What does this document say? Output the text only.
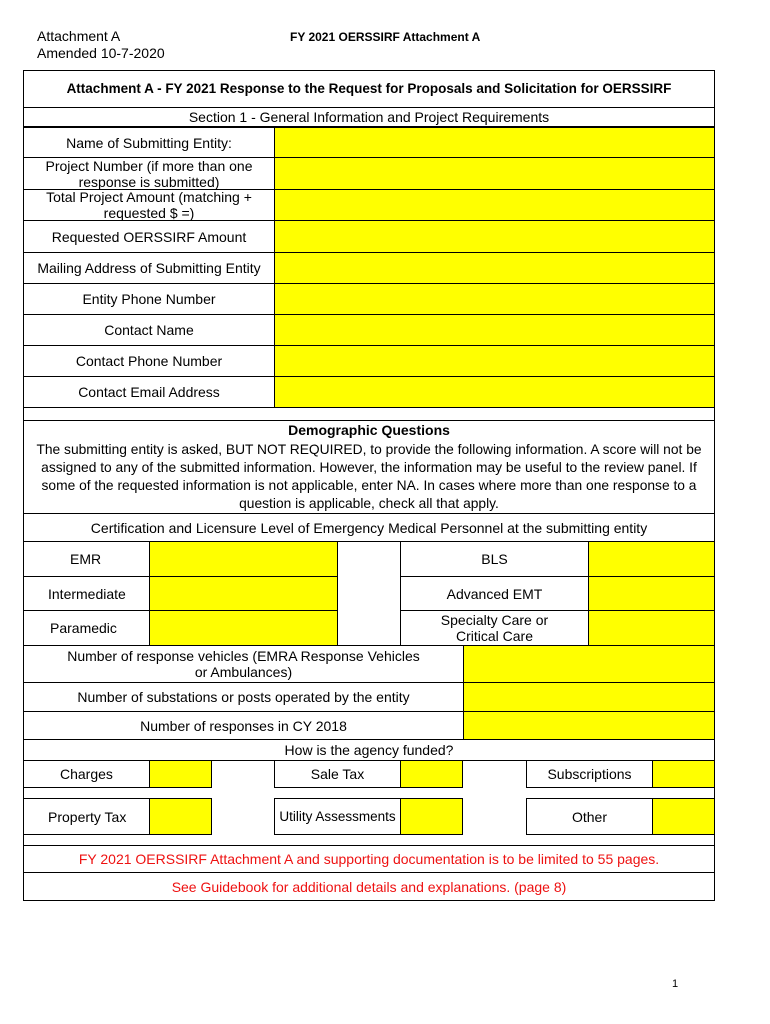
Attachment A
Amended 10-7-2020
FY 2021 OERSSIRF Attachment A
Attachment A - FY 2021 Response to the Request for Proposals and Solicitation for OERSSIRF
Section 1 - General Information and Project Requirements
Name of Submitting Entity:
Project Number (if more than one response is submitted)
Total Project Amount (matching + requested $ =)
Requested OERSSIRF Amount
Mailing Address of Submitting Entity
Entity Phone Number
Contact Name
Contact Phone Number
Contact Email Address
Demographic Questions
The submitting entity is asked, BUT NOT REQUIRED, to provide the following information. A score will not be assigned to any of the submitted information. However, the information may be useful to the review panel. If some of the requested information is not applicable, enter NA. In cases where more than one response to a question is applicable, check all that apply.
Certification and Licensure Level of Emergency Medical Personnel at the submitting entity
EMR	BLS
Intermediate	Advanced EMT
Paramedic	Specialty Care or Critical Care
Number of response vehicles (EMRA Response Vehicles or Ambulances)
Number of substations or posts operated by the entity
Number of responses in CY 2018
How is the agency funded?
Charges	Sale Tax	Subscriptions
Property Tax	Utility Assessments	Other
FY 2021 OERSSIRF Attachment A and supporting documentation is to be limited to 55 pages.
See Guidebook for additional details and explanations. (page 8)
1
